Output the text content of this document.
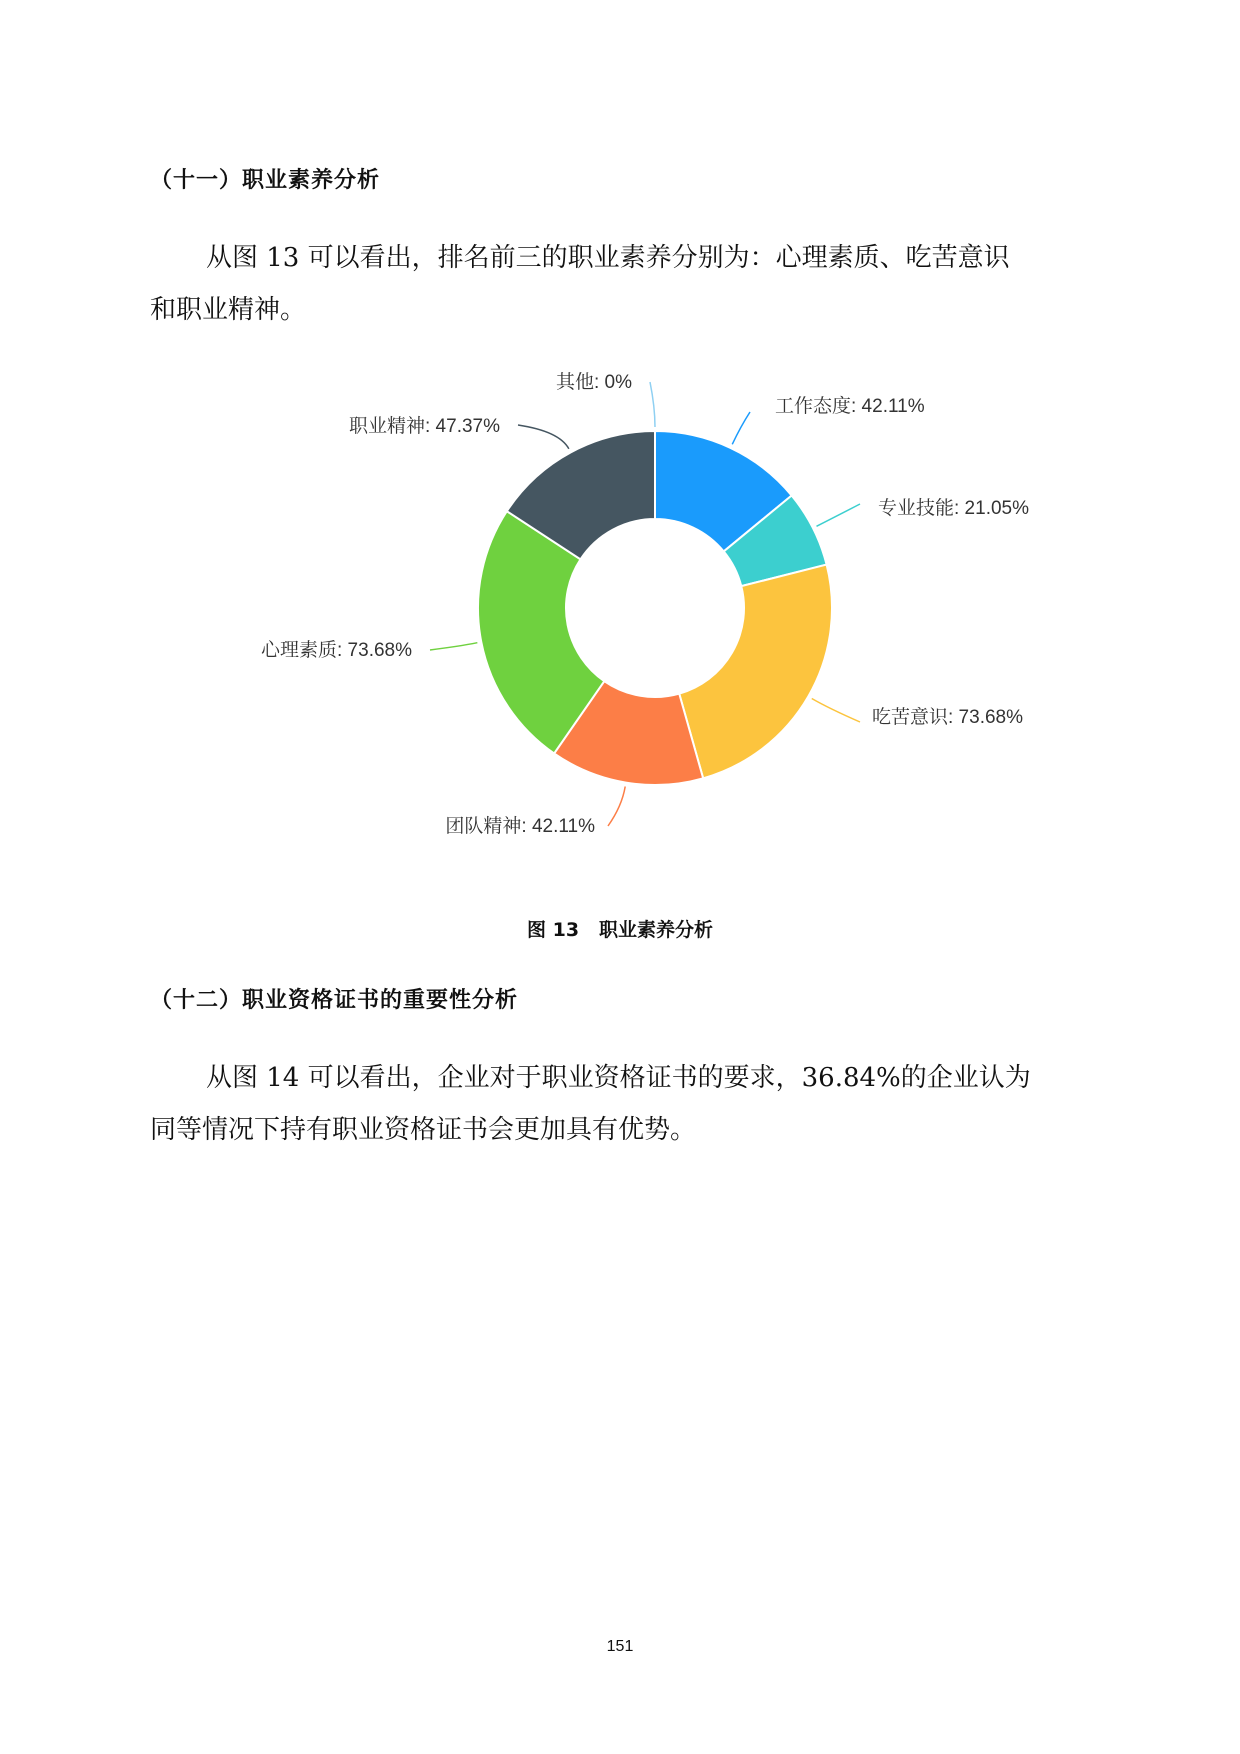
（十一）职业素养分析

从图 13 可以看出，排名前三的职业素养分别为：心理素质、吃苦意识
和职业精神。

工作态度: 42.11%
专业技能: 21.05%
吃苦意识: 73.68%
团队精神: 42.11%
心理素质: 73.68%
职业精神: 47.37%
其他: 0%
图 13 职业素养分析
（十二）职业资格证书的重要性分析

从图 14 可以看出，企业对于职业资格证书的要求，36.84%的企业认为
同等情况下持有职业资格证书会更加具有优势。

151
